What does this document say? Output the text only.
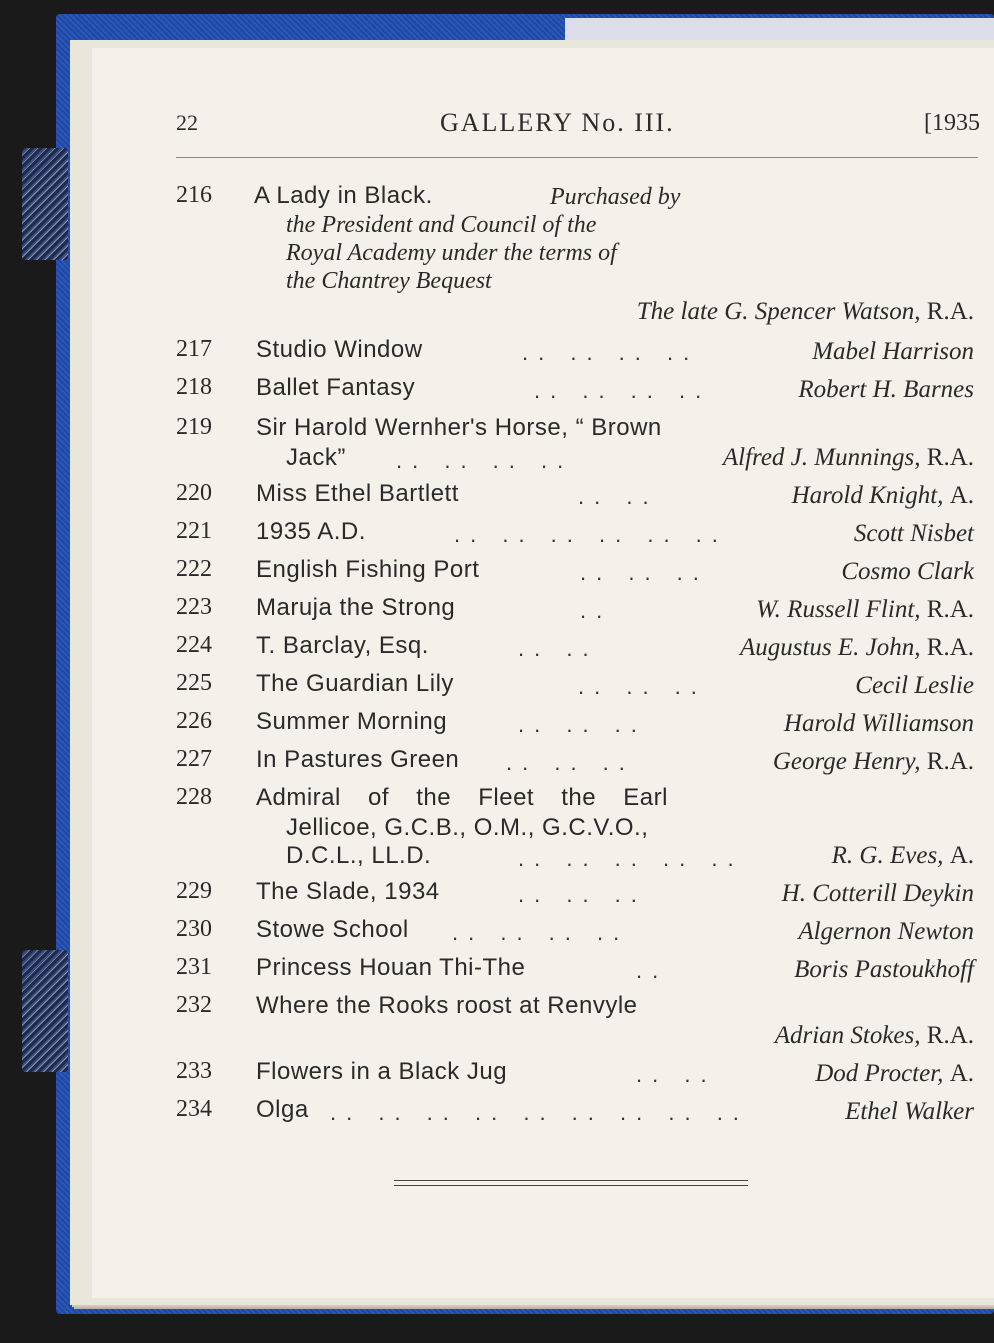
22	GALLERY No. III.	[1935
216 A Lady in Black.	Purchased by
the President and Council of the
Royal Academy under the terms of
the Chantrey Bequest
The late G. Spencer Watson, R.A.
217 Studio Window	.. .. .. ..	Mabel Harrison
218 Ballet Fantasy	.. .. .. ..	Robert H. Barnes
219 Sir Harold Wernher's Horse, “ Brown
Jack” .. .. .. ..	Alfred J. Munnings, R.A.
220 Miss Ethel Bartlett	.. ..	Harold Knight, A.
221 1935 A.D.	.. .. .. .. .. ..	Scott Nisbet
222 English Fishing Port	.. .. ..	Cosmo Clark
223 Maruja the Strong	..	W. Russell Flint, R.A.
224 T. Barclay, Esq.	.. ..	Augustus E. John, R.A.
225 The Guardian Lily	.. .. ..	Cecil Leslie
226 Summer Morning	.. .. ..	Harold Williamson
227 In Pastures Green .. .. ..	George Henry, R.A.
228 Admiral of the Fleet the Earl
Jellicoe, G.C.B., O.M., G.C.V.O.,
D.C.L., LL.D.	.. .. .. .. ..	R. G. Eves, A.
229 The Slade, 1934	.. .. ..	H. Cotterill Deykin
230 Stowe School .. .. .. ..	Algernon Newton
231 Princess Houan Thi-The	..	Boris Pastoukhoff
232 Where the Rooks roost at Renvyle
Adrian Stokes, R.A.
233 Flowers in a Black Jug	.. ..	Dod Procter, A.
234 Olga .. .. .. .. .. .. .. .. ..	Ethel Walker
